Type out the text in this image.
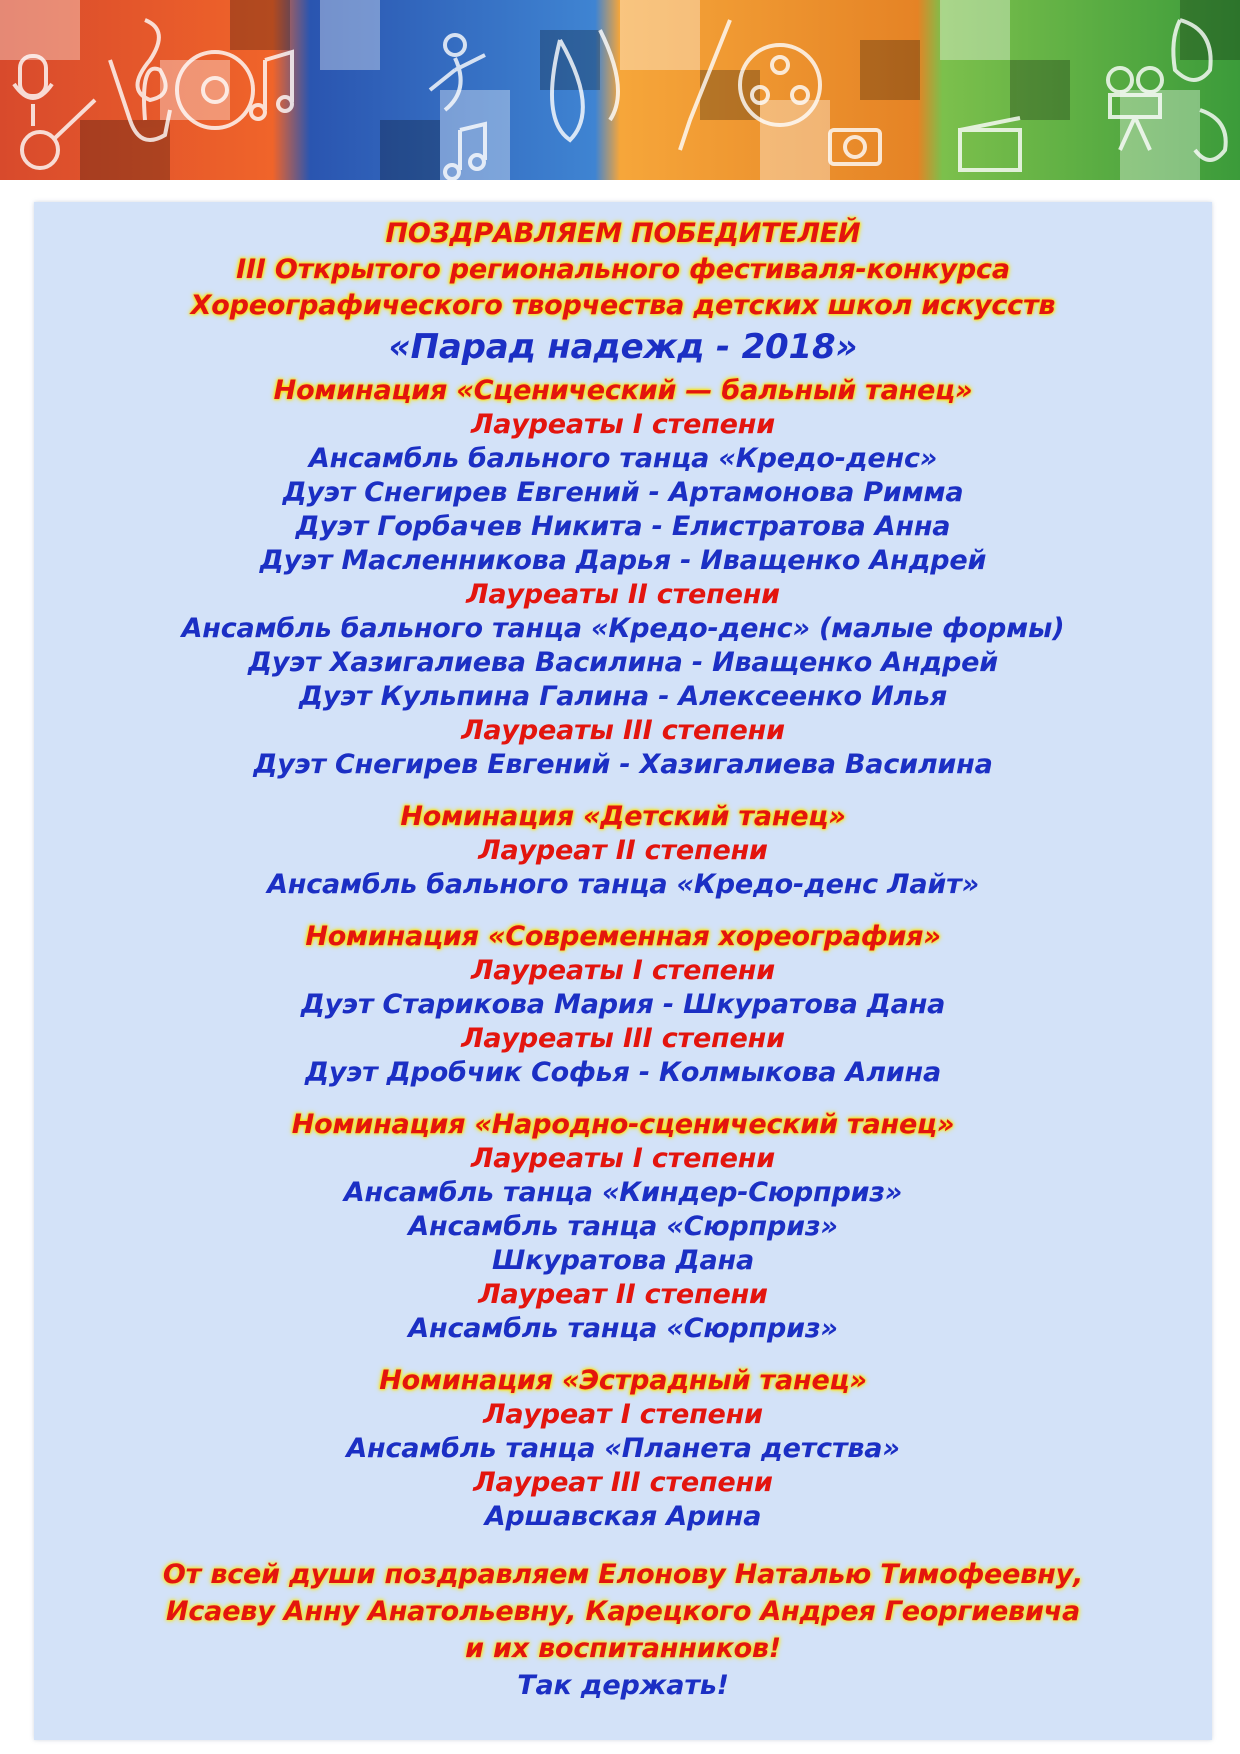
ПОЗДРАВЛЯЕМ ПОБЕДИТЕЛЕЙ

III Открытого регионального фестиваля-конкурса

Хореографического творчества детских школ искусств

«Парад надежд - 2018»

Номинация «Сценический — бальный танец»

Лауреаты I степени

Ансамбль бального танца «Кредо-денс»

Дуэт Снегирев Евгений - Артамонова Римма

Дуэт Горбачев Никита - Елистратова Анна

Дуэт Масленникова Дарья - Иващенко Андрей

Лауреаты II степени

Ансамбль бального танца «Кредо-денс» (малые формы)

Дуэт Хазигалиева Василина - Иващенко Андрей

Дуэт Кульпина Галина - Алексеенко Илья

Лауреаты III степени

Дуэт Снегирев Евгений - Хазигалиева Василина

Номинация «Детский танец»

Лауреат II степени

Ансамбль бального танца «Кредо-денс Лайт»

Номинация «Современная хореография»

Лауреаты I степени

Дуэт Старикова Мария - Шкуратова Дана

Лауреаты III степени

Дуэт Дробчик Софья - Колмыкова Алина

Номинация «Народно-сценический танец»

Лауреаты I степени

Ансамбль танца «Киндер-Сюрприз»

Ансамбль танца «Сюрприз»

Шкуратова Дана

Лауреат II степени

Ансамбль танца «Сюрприз»

Номинация «Эстрадный танец»

Лауреат I степени

Ансамбль танца «Планета детства»

Лауреат III степени

Аршавская Арина

От всей души поздравляем Елонову Наталью Тимофеевну,

Исаеву Анну Анатольевну, Карецкого Андрея Георгиевича

и их воспитанников!

Так держать!
